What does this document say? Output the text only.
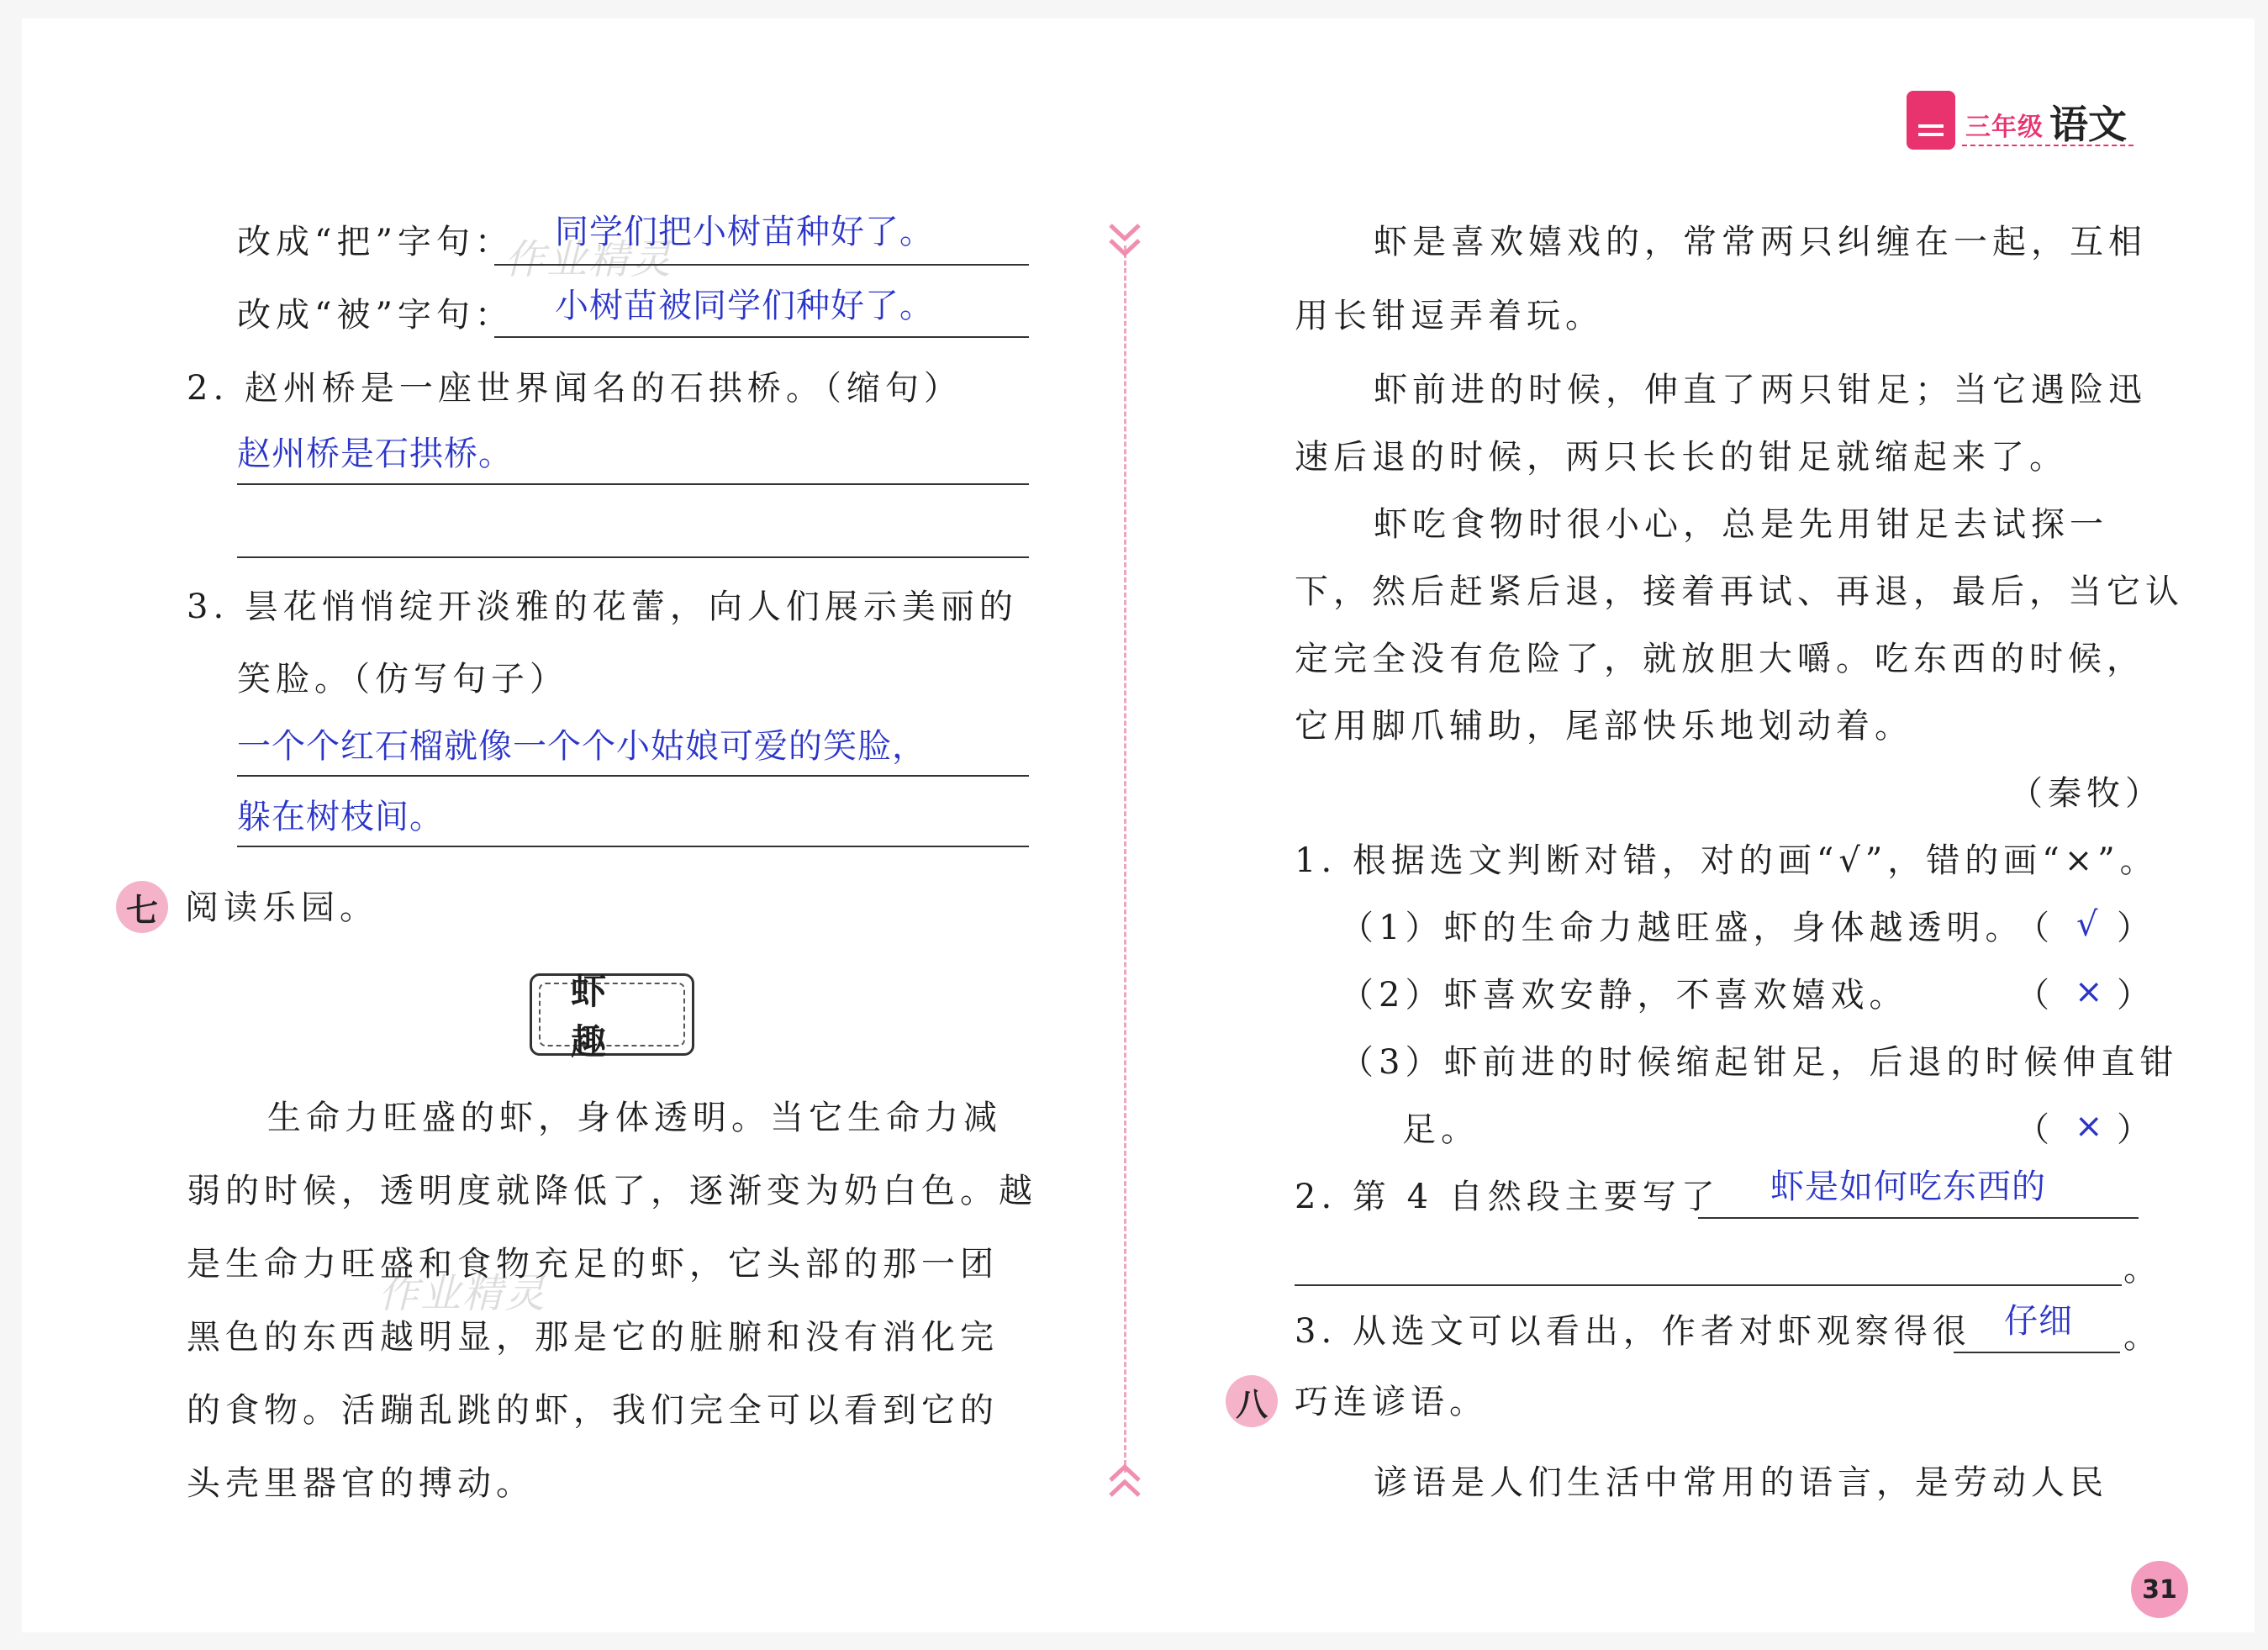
三年级 语文
作业精灵
作业精灵
改成“把”字句： 同学们把小树苗种好了。
改成“被”字句： 小树苗被同学们种好了。
2. 赵州桥是一座世界闻名的石拱桥。（缩句）
赵州桥是石拱桥。
3. 昙花悄悄绽开淡雅的花蕾，向人们展示美丽的
笑脸。（仿写句子）
一个个红石榴就像一个个小姑娘可爱的笑脸，
躲在树枝间。
七 阅读乐园。
虾 趣
生命力旺盛的虾，身体透明。当它生命力减
弱的时候，透明度就降低了，逐渐变为奶白色。越
是生命力旺盛和食物充足的虾，它头部的那一团
黑色的东西越明显，那是它的脏腑和没有消化完
的食物。活蹦乱跳的虾，我们完全可以看到它的
头壳里器官的搏动。
虾是喜欢嬉戏的，常常两只纠缠在一起，互相
用长钳逗弄着玩。
虾前进的时候，伸直了两只钳足；当它遇险迅
速后退的时候，两只长长的钳足就缩起来了。
虾吃食物时很小心，总是先用钳足去试探一
下，然后赶紧后退，接着再试、再退，最后，当它认
定完全没有危险了，就放胆大嚼。吃东西的时候，
它用脚爪辅助，尾部快乐地划动着。
（秦牧）
1. 根据选文判断对错，对的画“√”，错的画“×”。
（1）虾的生命力越旺盛，身体越透明。
（ √ ）
（2）虾喜欢安静，不喜欢嬉戏。	（ × ）
（3）虾前进的时候缩起钳足，后退的时候伸直钳
足。	（ × ）
2. 第 4 自然段主要写了 虾是如何吃东西的
。
3. 从选文可以看出，作者对虾观察得很 仔细 。
八 巧连谚语。
谚语是人们生活中常用的语言，是劳动人民
31
